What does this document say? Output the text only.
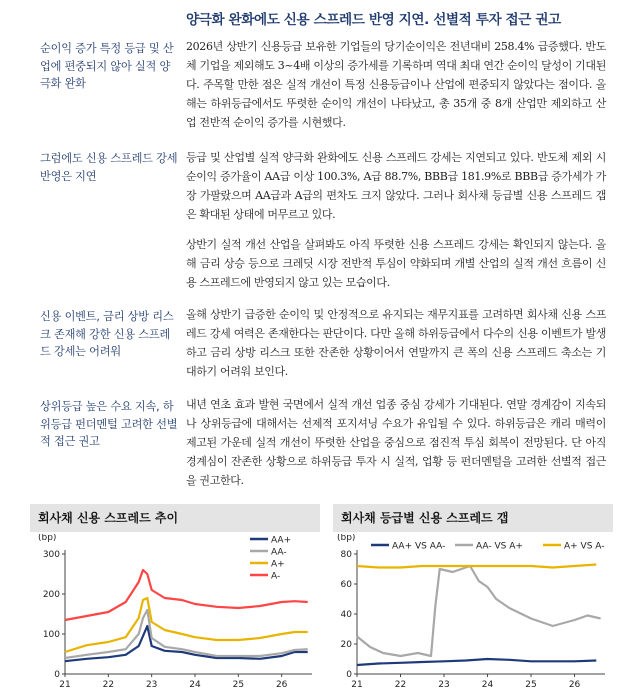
양극화 완화에도 신용 스프레드 반영 지연. 선별적 투자 접근 권고
순이익 증가 특정 등급 및 산업에 편중되지 않아 실적 양극화 완화
2026년 상반기 신용등급 보유한 기업들의 당기순이익은 전년대비 258.4% 급증했다. 반도체 기업을 제외해도 3~4배 이상의 증가세를 기록하며 역대 최대 연간 순이익 달성이 기대된다. 주목할 만한 점은 실적 개선이 특정 신용등급이나 산업에 편중되지 않았다는 점이다. 올해는 하위등급에서도 뚜렷한 순이익 개선이 나타났고, 총 35개 중 8개 산업만 제외하고 산업 전반적 순이익 증가를 시현했다.
그럼에도 신용 스프레드 강세 반영은 지연
등급 및 산업별 실적 양극화 완화에도 신용 스프레드 강세는 지연되고 있다. 반도체 제외 시 순이익 증가율이 AA급 이상 100.3%, A급 88.7%, BBB급 181.9%로 BBB급 증가세가 가장 가팔랐으며 AA급과 A급의 편차도 크지 않았다. 그러나 회사채 등급별 신용 스프레드 갭은 확대된 상태에 머무르고 있다.
상반기 실적 개선 산업을 살펴봐도 아직 뚜렷한 신용 스프레드 강세는 확인되지 않는다. 올해 금리 상승 등으로 크레딧 시장 전반적 투심이 약화되며 개별 산업의 실적 개선 흐름이 신용 스프레드에 반영되지 않고 있는 모습이다.
신용 이벤트, 금리 상방 리스크 존재해 강한 신용 스프레드 강세는 어려워
올해 상반기 급증한 순이익 및 안정적으로 유지되는 재무지표를 고려하면 회사채 신용 스프레드 강세 여력은 존재한다는 판단이다. 다만 올해 하위등급에서 다수의 신용 이벤트가 발생하고 금리 상방 리스크 또한 잔존한 상황이어서 연말까지 큰 폭의 신용 스프레드 축소는 기대하기 어려워 보인다.
상위등급 높은 수요 지속, 하위등급 펀더멘털 고려한 선별적 접근 권고
내년 연초 효과 발현 국면에서 실적 개선 업종 중심 강세가 기대된다. 연말 경계감이 지속되나 상위등급에 대해서는 선제적 포지셔닝 수요가 유입될 수 있다. 하위등급은 캐리 매력이 제고된 가운데 실적 개선이 뚜렷한 산업을 중심으로 점진적 투심 회복이 전망된다. 단 아직 경계심이 잔존한 상황으로 하위등급 투자 시 실적, 업황 등 펀더멘털을 고려한 선별적 접근을 권고한다.
회사채 신용 스프레드 추이	회사채 등급별 신용 스프레드 갭
(bp)
0
100
200
300
21	22	23	24	25	26
AA+
AA-
A+
A-
(bp)
0
20
40
60
80
21	22	23	24	25	26
AA+ VS AA-	AA- VS A+	A+ VS A-
